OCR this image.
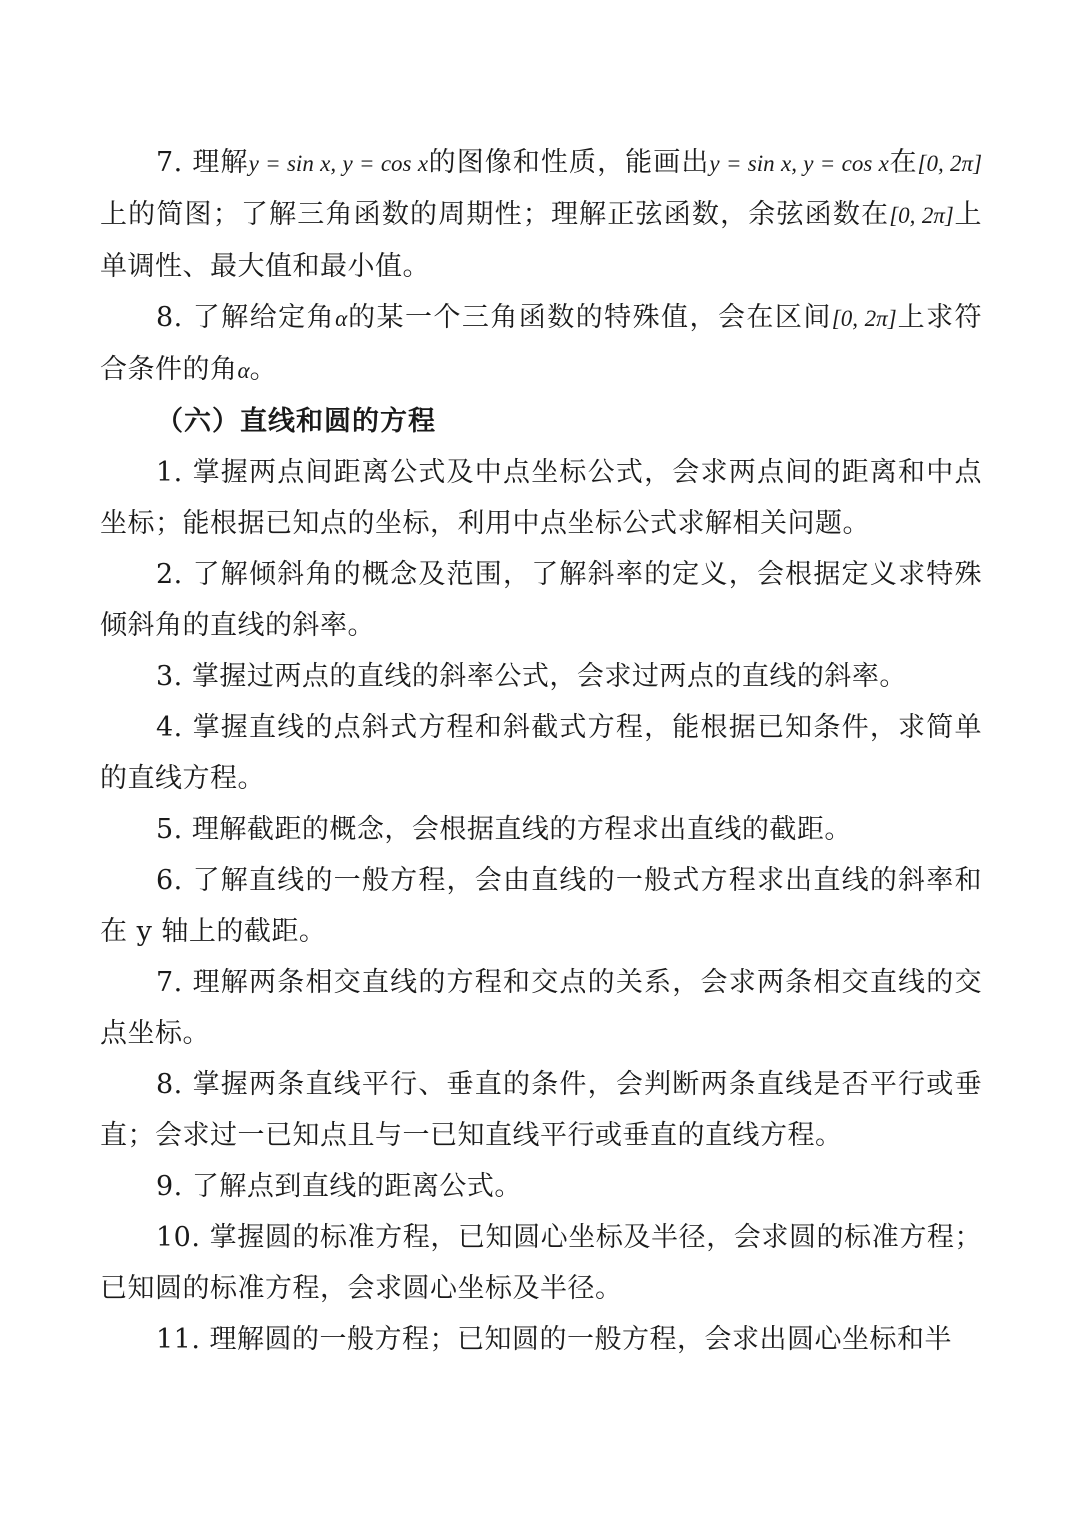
7. 理解y = sin x, y = cos x的图像和性质，能画出y = sin x, y = cos x在[0, 2π]上的简图；了解三角函数的周期性；理解正弦函数，余弦函数在[0, 2π]上单调性、最大值和最小值。

8. 了解给定角α的某一个三角函数的特殊值，会在区间[0, 2π]上求符合条件的角α。

（六）直线和圆的方程

1. 掌握两点间距离公式及中点坐标公式，会求两点间的距离和中点坐标；能根据已知点的坐标，利用中点坐标公式求解相关问题。

2. 了解倾斜角的概念及范围，了解斜率的定义，会根据定义求特殊倾斜角的直线的斜率。

3. 掌握过两点的直线的斜率公式，会求过两点的直线的斜率。

4. 掌握直线的点斜式方程和斜截式方程，能根据已知条件，求简单的直线方程。

5. 理解截距的概念，会根据直线的方程求出直线的截距。

6. 了解直线的一般方程，会由直线的一般式方程求出直线的斜率和在 y 轴上的截距。

7. 理解两条相交直线的方程和交点的关系，会求两条相交直线的交点坐标。

8. 掌握两条直线平行、垂直的条件，会判断两条直线是否平行或垂直；会求过一已知点且与一已知直线平行或垂直的直线方程。

9. 了解点到直线的距离公式。

10. 掌握圆的标准方程，已知圆心坐标及半径，会求圆的标准方程；已知圆的标准方程，会求圆心坐标及半径。

11. 理解圆的一般方程；已知圆的一般方程，会求出圆心坐标和半
